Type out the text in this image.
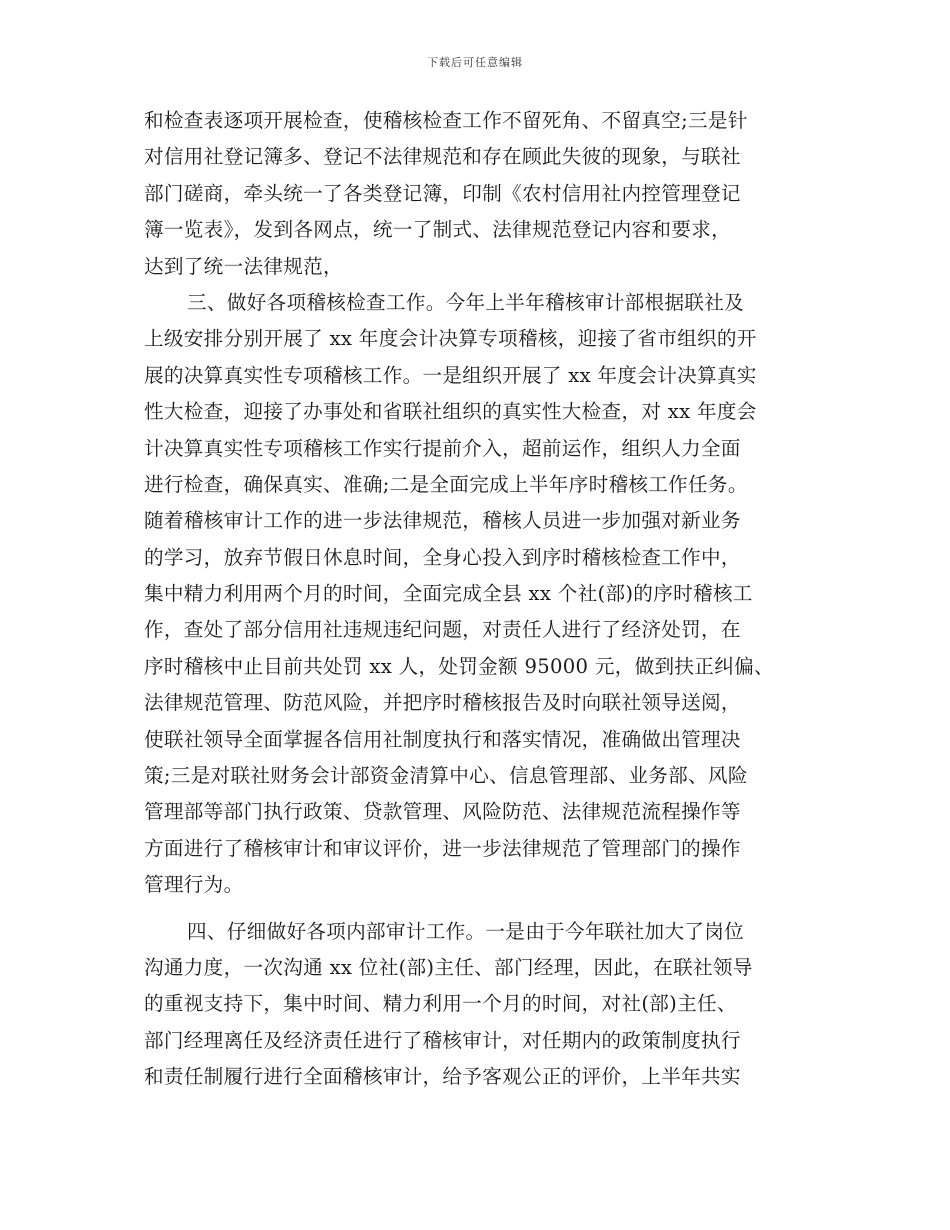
下载后可任意编辑
和检查表逐项开展检查，使稽核检查工作不留死角、不留真空;三是针
对信用社登记簿多、登记不法律规范和存在顾此失彼的现象，与联社
部门磋商，牵头统一了各类登记簿，印制《农村信用社内控管理登记
簿一览表》，发到各网点，统一了制式、法律规范登记内容和要求，
达到了统一法律规范，
三、做好各项稽核检查工作。今年上半年稽核审计部根据联社及
上级安排分别开展了 xx 年度会计决算专项稽核，迎接了省市组织的开
展的决算真实性专项稽核工作。一是组织开展了 xx 年度会计决算真实
性大检查，迎接了办事处和省联社组织的真实性大检查，对 xx 年度会
计决算真实性专项稽核工作实行提前介入，超前运作，组织人力全面
进行检查，确保真实、准确;二是全面完成上半年序时稽核工作任务。
随着稽核审计工作的进一步法律规范，稽核人员进一步加强对新业务
的学习，放弃节假日休息时间，全身心投入到序时稽核检查工作中，
集中精力利用两个月的时间，全面完成全县 xx 个社(部)的序时稽核工
作，查处了部分信用社违规违纪问题，对责任人进行了经济处罚，在
序时稽核中止目前共处罚 xx 人，处罚金额 95000 元，做到扶正纠偏、
法律规范管理、防范风险，并把序时稽核报告及时向联社领导送阅，
使联社领导全面掌握各信用社制度执行和落实情况，准确做出管理决
策;三是对联社财务会计部资金清算中心、信息管理部、业务部、风险
管理部等部门执行政策、贷款管理、风险防范、法律规范流程操作等
方面进行了稽核审计和审议评价，进一步法律规范了管理部门的操作
管理行为。
四、仔细做好各项内部审计工作。一是由于今年联社加大了岗位
沟通力度，一次沟通 xx 位社(部)主任、部门经理，因此，在联社领导
的重视支持下，集中时间、精力利用一个月的时间，对社(部)主任、
部门经理离任及经济责任进行了稽核审计，对任期内的政策制度执行
和责任制履行进行全面稽核审计，给予客观公正的评价，上半年共实
